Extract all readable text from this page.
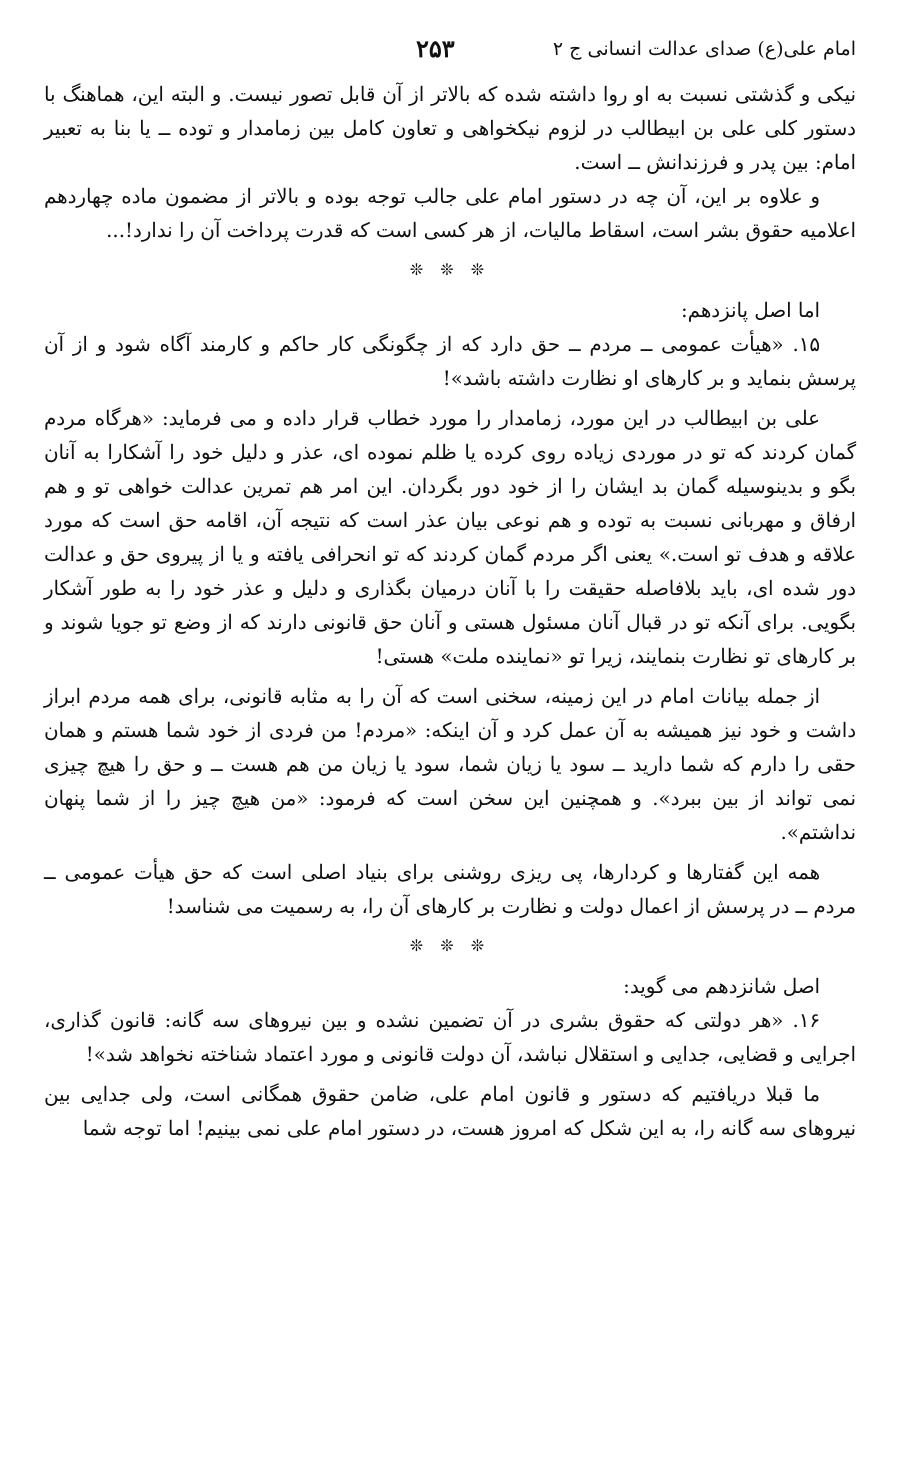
امام علی(ع) صدای عدالت انسانی ج ۲
۲۵۳

نیکی و گذشتی نسبت به او روا داشته شده که بالاتر از آن قابل تصور نیست. و البته این، هماهنگ با دستور کلی علی بن ابیطالب در لزوم نیکخواهی و تعاون کامل بین زمامدار و توده ــ یا بنا به تعبیر امام: بین پدر و فرزندانش ــ است.

و علاوه بر این، آن چه در دستور امام علی جالب توجه بوده و بالاتر از مضمون ماده چهاردهم اعلامیه حقوق بشر است، اسقاط مالیات، از هر کسی است که قدرت پرداخت آن را ندارد!...

❊ ❊ ❊

اما اصل پانزدهم:

۱۵. «هیأت عمومی ــ مردم ــ حق دارد که از چگونگی کار حاکم و کارمند آگاه شود و از آن پرسش بنماید و بر کارهای او نظارت داشته باشد»!

علی بن ابیطالب در این مورد، زمامدار را مورد خطاب قرار داده و می فرماید: «هرگاه مردم گمان کردند که تو در موردی زیاده روی کرده یا ظلم نموده ای، عذر و دلیل خود را آشکارا به آنان بگو و بدینوسیله گمان بد ایشان را از خود دور بگردان. این امر هم تمرین عدالت خواهی تو و هم ارفاق و مهربانی نسبت به توده و هم نوعی بیان عذر است که نتیجه آن، اقامه حق است که مورد علاقه و هدف تو است.» یعنی اگر مردم گمان کردند که تو انحرافی یافته و یا از پیروی حق و عدالت دور شده ای، باید بلافاصله حقیقت را با آنان درمیان بگذاری و دلیل و عذر خود را به طور آشکار بگویی. برای آنکه تو در قبال آنان مسئول هستی و آنان حق قانونی دارند که از وضع تو جویا شوند و بر کارهای تو نظارت بنمایند، زیرا تو «نماینده ملت» هستی!

از جمله بیانات امام در این زمینه، سخنی است که آن را به مثابه قانونی، برای همه مردم ابراز داشت و خود نیز همیشه به آن عمل کرد و آن اینکه: «مردم! من فردی از خود شما هستم و همان حقی را دارم که شما دارید ــ سود یا زیان شما، سود یا زیان من هم هست ــ و حق را هیچ چیزی نمی تواند از بین ببرد». و همچنین این سخن است که فرمود: «من هیچ چیز را از شما پنهان نداشتم».

همه این گفتارها و کردارها، پی ریزی روشنی برای بنیاد اصلی است که حق هیأت عمومی ــ مردم ــ در پرسش از اعمال دولت و نظارت بر کارهای آن را، به رسمیت می شناسد!

❊ ❊ ❊

اصل شانزدهم می گوید:

۱۶. «هر دولتی که حقوق بشری در آن تضمین نشده و بین نیروهای سه گانه: قانون گذاری، اجرایی و قضایی، جدایی و استقلال نباشد، آن دولت قانونی و مورد اعتماد شناخته نخواهد شد»!

ما قبلا دریافتیم که دستور و قانون امام علی، ضامن حقوق همگانی است، ولی جدایی بین نیروهای سه گانه را، به این شکل که امروز هست، در دستور امام علی نمی بینیم! اما توجه شما
